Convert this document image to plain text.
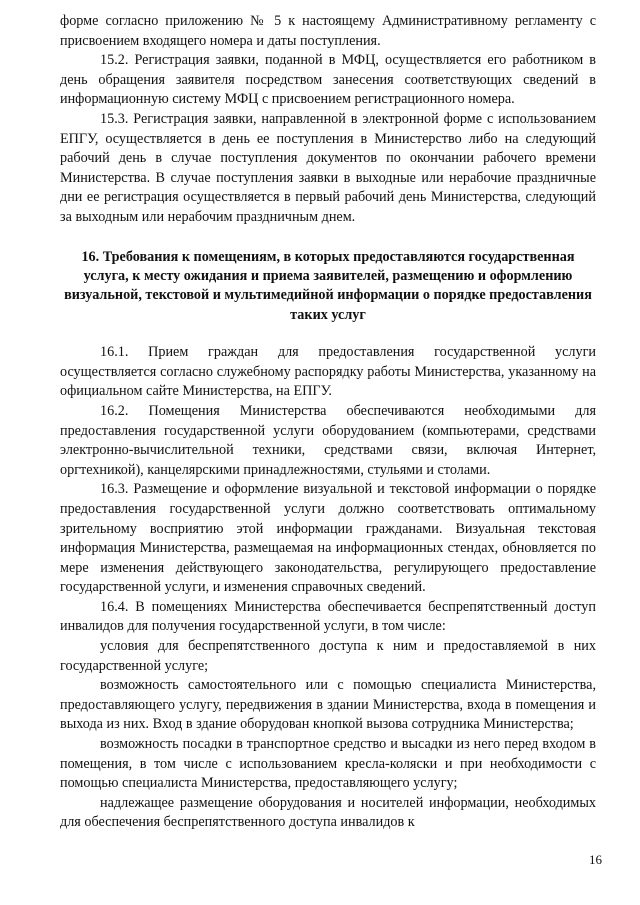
форме согласно приложению № 5 к настоящему Административному регламенту с присвоением входящего номера и даты поступления.

15.2. Регистрация заявки, поданной в МФЦ, осуществляется его работником в день обращения заявителя посредством занесения соответствующих сведений в информационную систему МФЦ с присвоением регистрационного номера.

15.3. Регистрация заявки, направленной в электронной форме с использованием ЕПГУ, осуществляется в день ее поступления в Министерство либо на следующий рабочий день в случае поступления документов по окончании рабочего времени Министерства. В случае поступления заявки в выходные или нерабочие праздничные дни ее регистрация осуществляется в первый рабочий день Министерства, следующий за выходным или нерабочим праздничным днем.

16. Требования к помещениям, в которых предоставляются государственная услуга, к месту ожидания и приема заявителей, размещению и оформлению визуальной, текстовой и мультимедийной информации о порядке предоставления таких услуг

16.1. Прием граждан для предоставления государственной услуги осуществляется согласно служебному распорядку работы Министерства, указанному на официальном сайте Министерства, на ЕПГУ.

16.2. Помещения Министерства обеспечиваются необходимыми для предоставления государственной услуги оборудованием (компьютерами, средствами электронно-вычислительной техники, средствами связи, включая Интернет, оргтехникой), канцелярскими принадлежностями, стульями и столами.

16.3. Размещение и оформление визуальной и текстовой информации о порядке предоставления государственной услуги должно соответствовать оптимальному зрительному восприятию этой информации гражданами. Визуальная текстовая информация Министерства, размещаемая на информационных стендах, обновляется по мере изменения действующего законодательства, регулирующего предоставление государственной услуги, и изменения справочных сведений.

16.4. В помещениях Министерства обеспечивается беспрепятственный доступ инвалидов для получения государственной услуги, в том числе:

условия для беспрепятственного доступа к ним и предоставляемой в них государственной услуге;

возможность самостоятельного или с помощью специалиста Министерства, предоставляющего услугу, передвижения в здании Министерства, входа в помещения и выхода из них. Вход в здание оборудован кнопкой вызова сотрудника Министерства;

возможность посадки в транспортное средство и высадки из него перед входом в помещения, в том числе с использованием кресла-коляски и при необходимости с помощью специалиста Министерства, предоставляющего услугу;

надлежащее размещение оборудования и носителей информации, необходимых для обеспечения беспрепятственного доступа инвалидов к

16
